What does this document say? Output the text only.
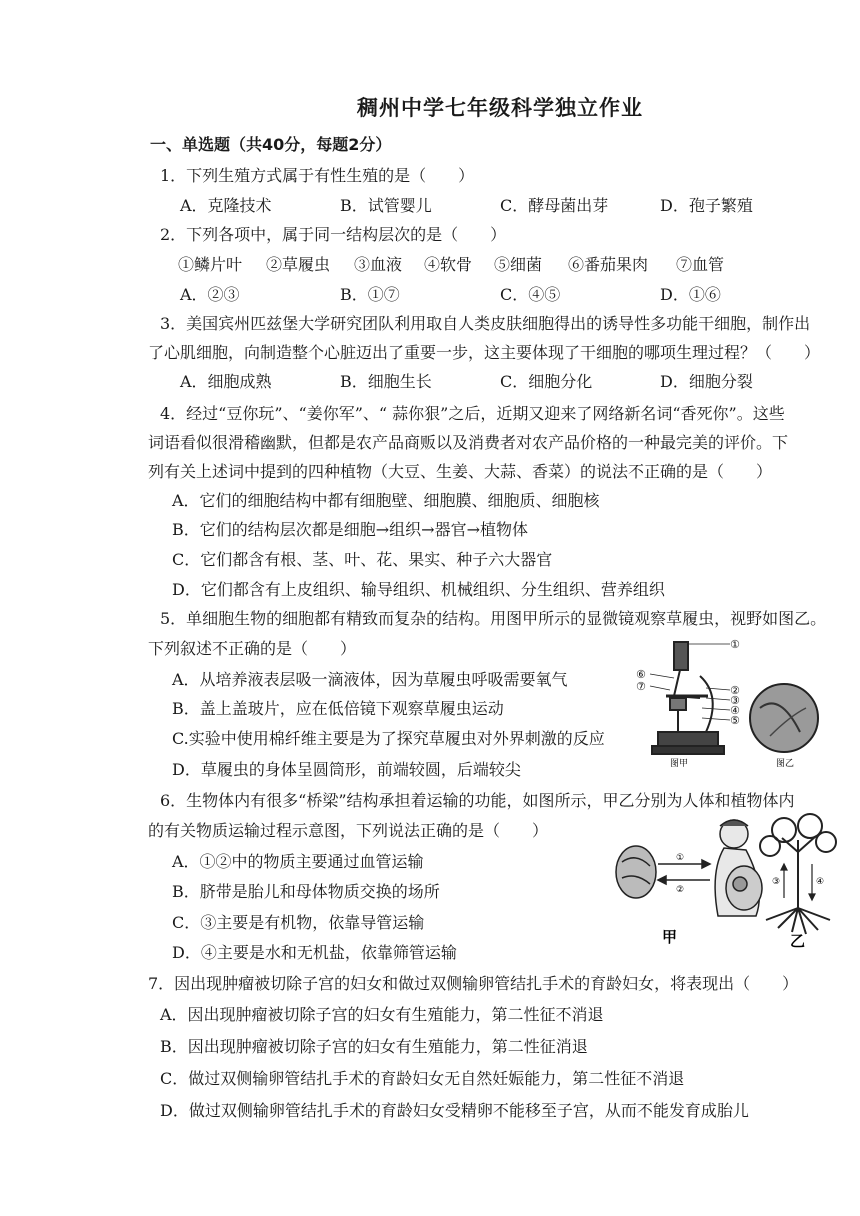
稠州中学七年级科学独立作业
一、单选题（共40分，每题2分）
1．下列生殖方式属于有性生殖的是（　　）
A．克隆技术	B．试管婴儿	C．酵母菌出芽	D．孢子繁殖
2．下列各项中，属于同一结构层次的是（　　）
①鳞片叶	②草履虫	③血液	④软骨	⑤细菌	⑥番茄果肉	⑦血管
A．②③	B．①⑦	C．④⑤	D．①⑥
3．美国宾州匹兹堡大学研究团队利用取自人类皮肤细胞得出的诱导性多功能干细胞，制作出
了心肌细胞，向制造整个心脏迈出了重要一步，这主要体现了干细胞的哪项生理过程？（　　）
A．细胞成熟	B．细胞生长	C．细胞分化	D．细胞分裂
4．经过“豆你玩”、“姜你军”、“ 蒜你狠”之后，近期又迎来了网络新名词“香死你”。这些
词语看似很滑稽幽默，但都是农产品商贩以及消费者对农产品价格的一种最完美的评价。下
列有关上述词中提到的四种植物（大豆、生姜、大蒜、香菜）的说法不正确的是（　　）
A．它们的细胞结构中都有细胞壁、细胞膜、细胞质、细胞核
B．它们的结构层次都是细胞→组织→器官→植物体
C．它们都含有根、茎、叶、花、果实、种子六大器官
D．它们都含有上皮组织、输导组织、机械组织、分生组织、营养组织
5．单细胞生物的细胞都有精致而复杂的结构。用图甲所示的显微镜观察草履虫，视野如图乙。
下列叙述不正确的是（　　）
A．从培养液表层吸一滴液体，因为草履虫呼吸需要氧气
B．盖上盖玻片，应在低倍镜下观察草履虫运动
C.实验中使用棉纤维主要是为了探究草履虫对外界刺激的反应
D．草履虫的身体呈圆筒形，前端较圆，后端较尖
①
②
③
④
⑤
⑥
⑦
图甲	图乙
6．生物体内有很多“桥梁”结构承担着运输的功能，如图所示，甲乙分别为人体和植物体内
的有关物质运输过程示意图，下列说法正确的是（　　）
A．①②中的物质主要通过血管运输
B．脐带是胎儿和母体物质交换的场所
C．③主要是有机物，依靠导管运输
D．④主要是水和无机盐，依靠筛管运输
①
②
③	④
甲	乙
7．因出现肿瘤被切除子宫的妇女和做过双侧输卵管结扎手术的育龄妇女，将表现出（　　）
A．因出现肿瘤被切除子宫的妇女有生殖能力，第二性征不消退
B．因出现肿瘤被切除子宫的妇女有生殖能力，第二性征消退
C．做过双侧输卵管结扎手术的育龄妇女无自然妊娠能力，第二性征不消退
D．做过双侧输卵管结扎手术的育龄妇女受精卵不能移至子宫，从而不能发育成胎儿
